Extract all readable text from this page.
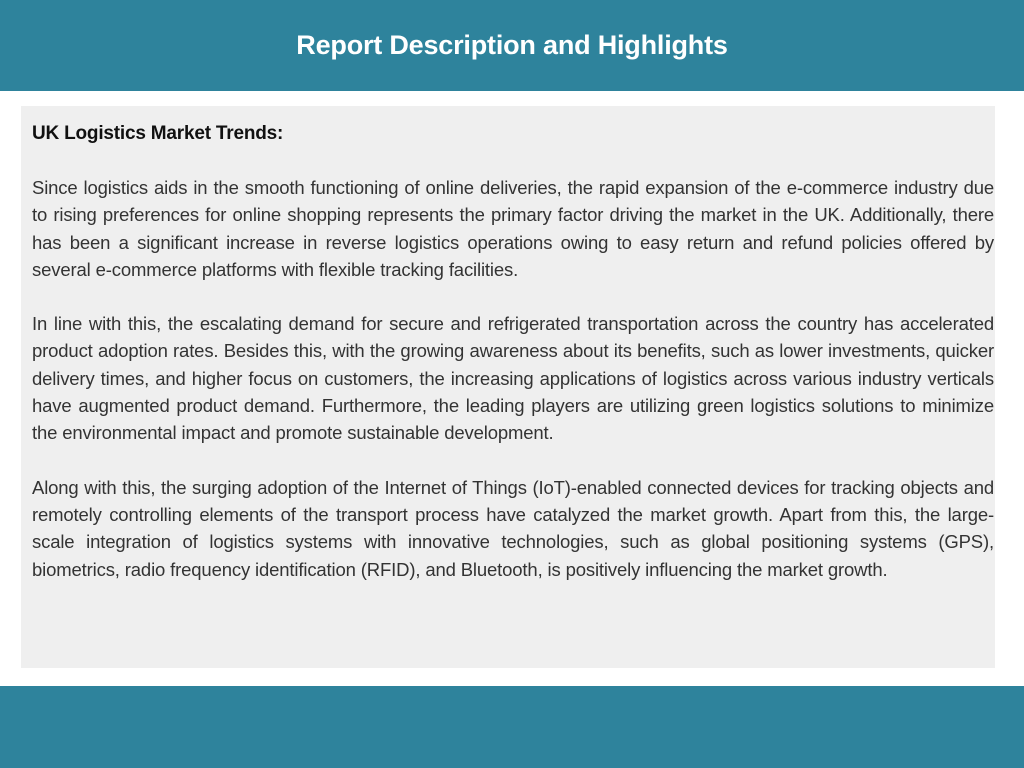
Report Description and Highlights
UK Logistics Market Trends:

Since logistics aids in the smooth functioning of online deliveries, the rapid expansion of the e-commerce industry due to rising preferences for online shopping represents the primary factor driving the market in the UK. Additionally, there has been a significant increase in reverse logistics operations owing to easy return and refund policies offered by several e-commerce platforms with flexible tracking facilities.

In line with this, the escalating demand for secure and refrigerated transportation across the country has accelerated product adoption rates. Besides this, with the growing awareness about its benefits, such as lower investments, quicker delivery times, and higher focus on customers, the increasing applications of logistics across various industry verticals have augmented product demand. Furthermore, the leading players are utilizing green logistics solutions to minimize the environmental impact and promote sustainable development.

Along with this, the surging adoption of the Internet of Things (IoT)-enabled connected devices for tracking objects and remotely controlling elements of the transport process have catalyzed the market growth. Apart from this, the large-scale integration of logistics systems with innovative technologies, such as global positioning systems (GPS), biometrics, radio frequency identification (RFID), and Bluetooth, is positively influencing the market growth.
